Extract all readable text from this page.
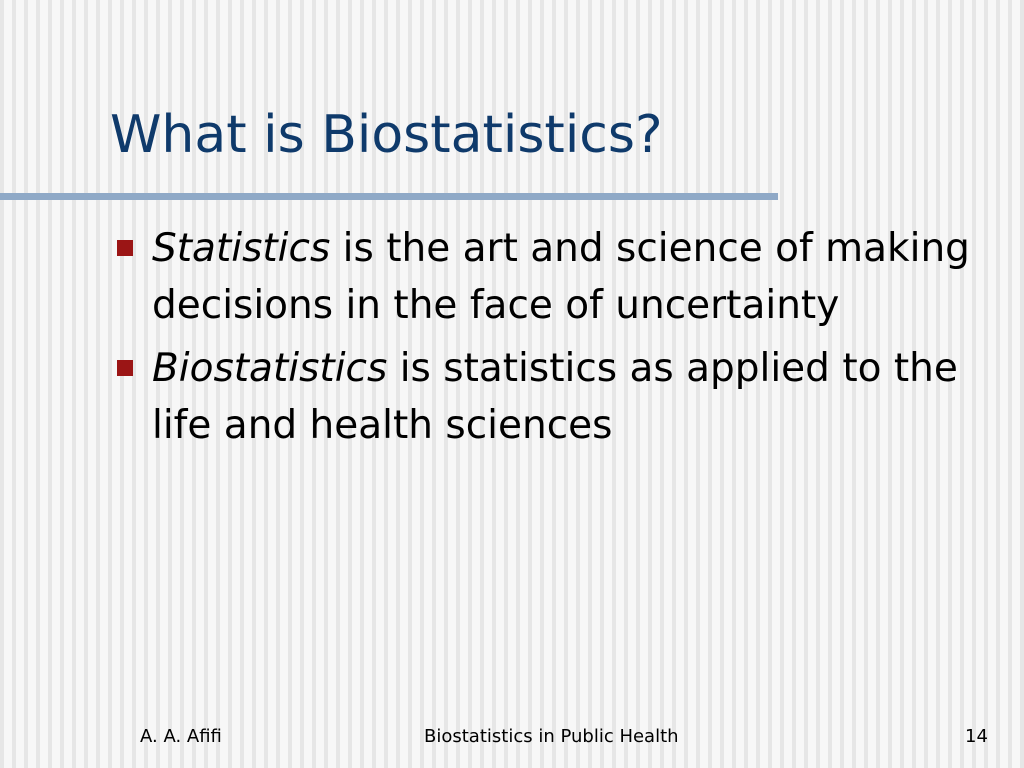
What is Biostatistics?
Statistics is the art and science of making decisions in the face of uncertainty
Biostatistics is statistics as applied to the life and health sciences
A. A. Afifi	Biostatistics in Public Health	14
